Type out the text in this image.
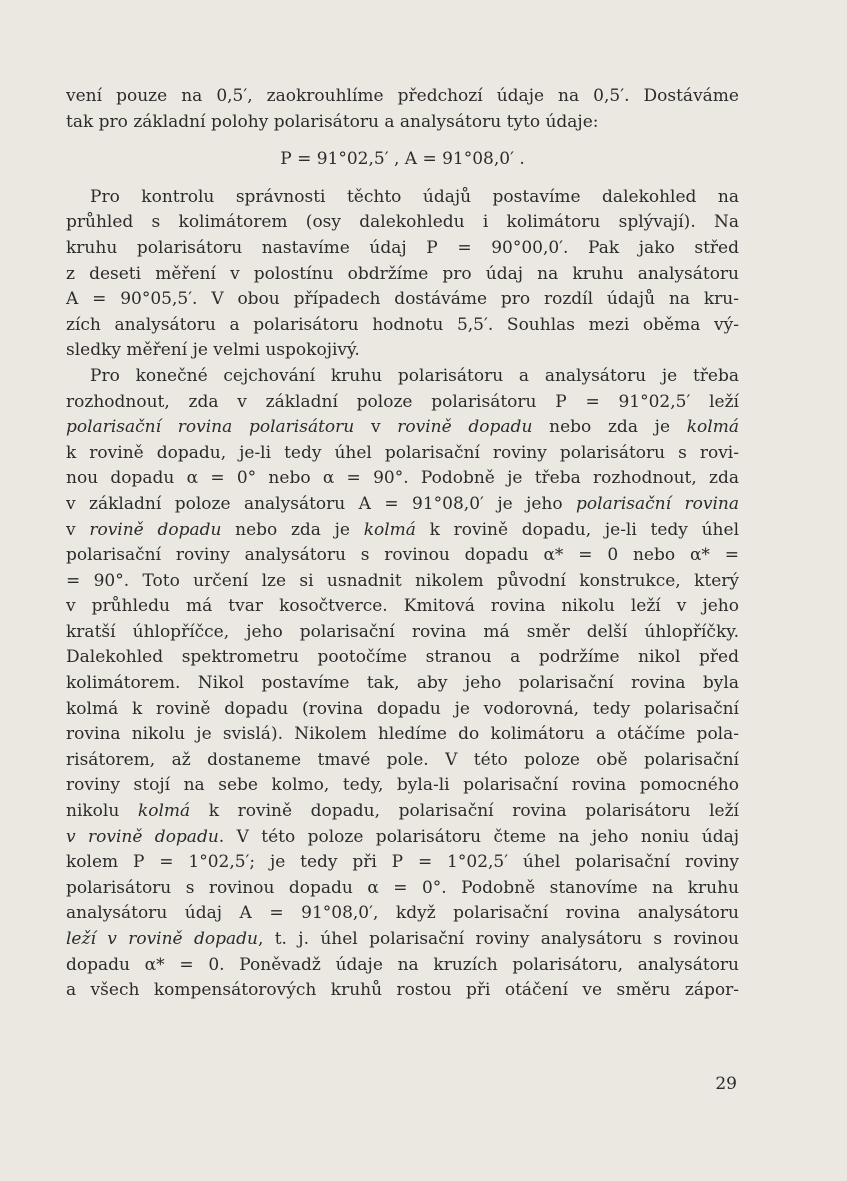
vení pouze na 0,5′, zaokrouhlíme předchozí údaje na 0,5′. Dostáváme
tak pro základní polohy polarisátoru a analysátoru tyto údaje:
P = 91°02,5′ , A = 91°08,0′ .
Pro kontrolu správnosti těchto údajů postavíme dalekohled na
průhled s kolimátorem (osy dalekohledu i kolimátoru splývají). Na
kruhu polarisátoru nastavíme údaj P = 90°00,0′. Pak jako střed
z deseti měření v polostínu obdržíme pro údaj na kruhu analysátoru
A = 90°05,5′. V obou případech dostáváme pro rozdíl údajů na kru-
zích analysátoru a polarisátoru hodnotu 5,5′. Souhlas mezi oběma vý-
sledky měření je velmi uspokojivý.
Pro konečné cejchování kruhu polarisátoru a analysátoru je třeba
rozhodnout, zda v základní poloze polarisátoru P = 91°02,5′ leží
polarisační rovina polarisátoru v rovině dopadu nebo zda je kolmá
k rovině dopadu, je-li tedy úhel polarisační roviny polarisátoru s rovi-
nou dopadu α = 0° nebo α = 90°. Podobně je třeba rozhodnout, zda
v základní poloze analysátoru A = 91°08,0′ je jeho polarisační rovina
v rovině dopadu nebo zda je kolmá k rovině dopadu, je-li tedy úhel
polarisační roviny analysátoru s rovinou dopadu α* = 0 nebo α* =
= 90°. Toto určení lze si usnadnit nikolem původní konstrukce, který
v průhledu má tvar kosočtverce. Kmitová rovina nikolu leží v jeho
kratší úhlopříčce, jeho polarisační rovina má směr delší úhlopříčky.
Dalekohled spektrometru pootočíme stranou a podržíme nikol před
kolimátorem. Nikol postavíme tak, aby jeho polarisační rovina byla
kolmá k rovině dopadu (rovina dopadu je vodorovná, tedy polarisační
rovina nikolu je svislá). Nikolem hledíme do kolimátoru a otáčíme pola-
risátorem, až dostaneme tmavé pole. V této poloze obě polarisační
roviny stojí na sebe kolmo, tedy, byla-li polarisační rovina pomocného
nikolu kolmá k rovině dopadu, polarisační rovina polarisátoru leží
v rovině dopadu. V této poloze polarisátoru čteme na jeho noniu údaj
kolem P = 1°02,5′; je tedy při P = 1°02,5′ úhel polarisační roviny
polarisátoru s rovinou dopadu α = 0°. Podobně stanovíme na kruhu
analysátoru údaj A = 91°08,0′, když polarisační rovina analysátoru
leží v rovině dopadu, t. j. úhel polarisační roviny analysátoru s rovinou
dopadu α* = 0. Poněvadž údaje na kruzích polarisátoru, analysátoru
a všech kompensátorových kruhů rostou při otáčení ve směru zápor-
29
